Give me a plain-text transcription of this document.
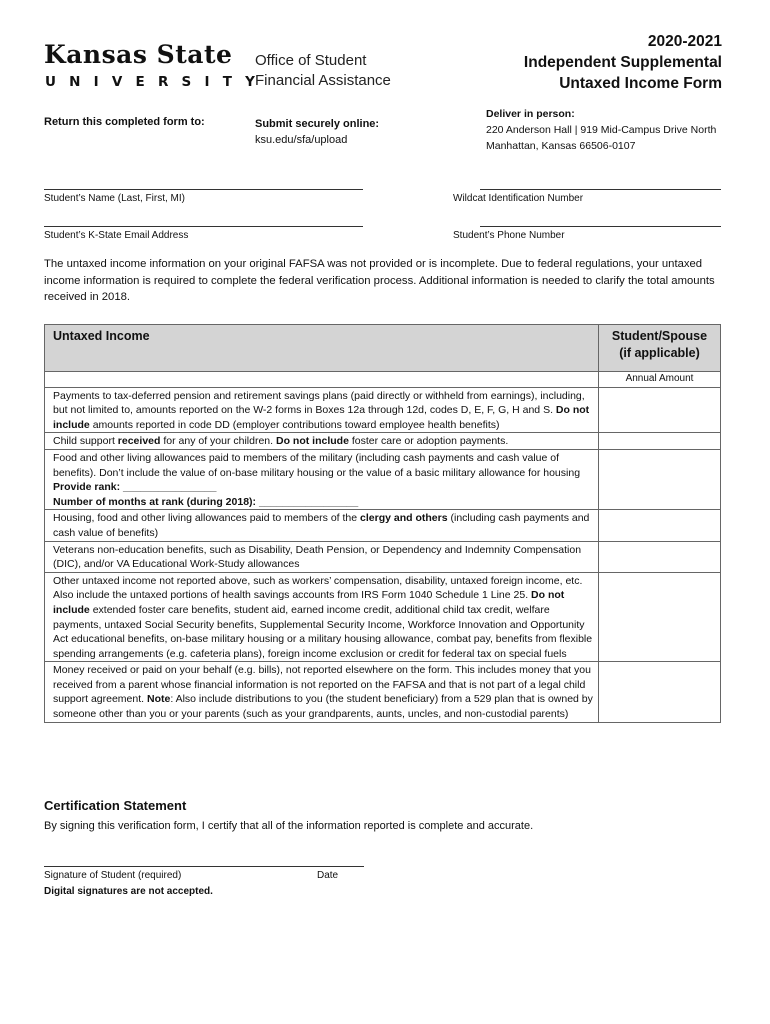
Kansas State
UNIVERSITY
Office of Student
Financial Assistance
2020-2021
Independent Supplemental
Untaxed Income Form
Return this completed form to:	Submit securely online:
ksu.edu/sfa/upload
Deliver in person:
220 Anderson Hall | 919 Mid-Campus Drive North
Manhattan, Kansas 66506-0107
Student’s Name (Last, First, MI)	Wildcat Identification Number
Student’s K-State Email Address	Student’s Phone Number
The untaxed income information on your original FAFSA was not provided or is incomplete. Due to federal regulations, your untaxed income information is required to complete the federal verification process. Additional information is needed to clarify the total amounts received in 2018.
Untaxed Income	Student/Spouse
(if applicable)

	Annual Amount
Payments to tax-deferred pension and retirement savings plans (paid directly or withheld from earnings), including, but not limited to, amounts reported on the W-2 forms in Boxes 12a through 12d, codes D, E, F, G, H and S. Do not include amounts reported in code DD (employer contributions toward employee health benefits)	
Child support received for any of your children. Do not include foster care or adoption payments.	
Food and other living allowances paid to members of the military (including cash payments and cash value of benefits). Don’t include the value of on-base military housing or the value of a basic military allowance for housing
Provide rank: ________________
Number of months at rank (during 2018): _________________	

Housing, food and other living allowances paid to members of the clergy and others (including cash payments and cash value of benefits)	
Veterans non-education benefits, such as Disability, Death Pension, or Dependency and Indemnity Compensation (DIC), and/or VA Educational Work-Study allowances	
Other untaxed income not reported above, such as workers’ compensation, disability, untaxed foreign income, etc. Also include the untaxed portions of health savings accounts from IRS Form 1040 Schedule 1 Line 25. Do not include extended foster care benefits, student aid, earned income credit, additional child tax credit, welfare payments, untaxed Social Security benefits, Supplemental Security Income, Workforce Innovation and Opportunity Act educational benefits, on-base military housing or a military housing allowance, combat pay, benefits from flexible spending arrangements (e.g. cafeteria plans), foreign income exclusion or credit for federal tax on special fuels	
Money received or paid on your behalf (e.g. bills), not reported elsewhere on the form. This includes money that you received from a parent whose financial information is not reported on the FAFSA and that is not part of a legal child support agreement. Note: Also include distributions to you (the student beneficiary) from a 529 plan that is owned by someone other than you or your parents (such as your grandparents, aunts, uncles, and non-custodial parents)	
Certification Statement
By signing this verification form, I certify that all of the information reported is complete and accurate.
Signature of Student (required)	Date
Digital signatures are not accepted.
